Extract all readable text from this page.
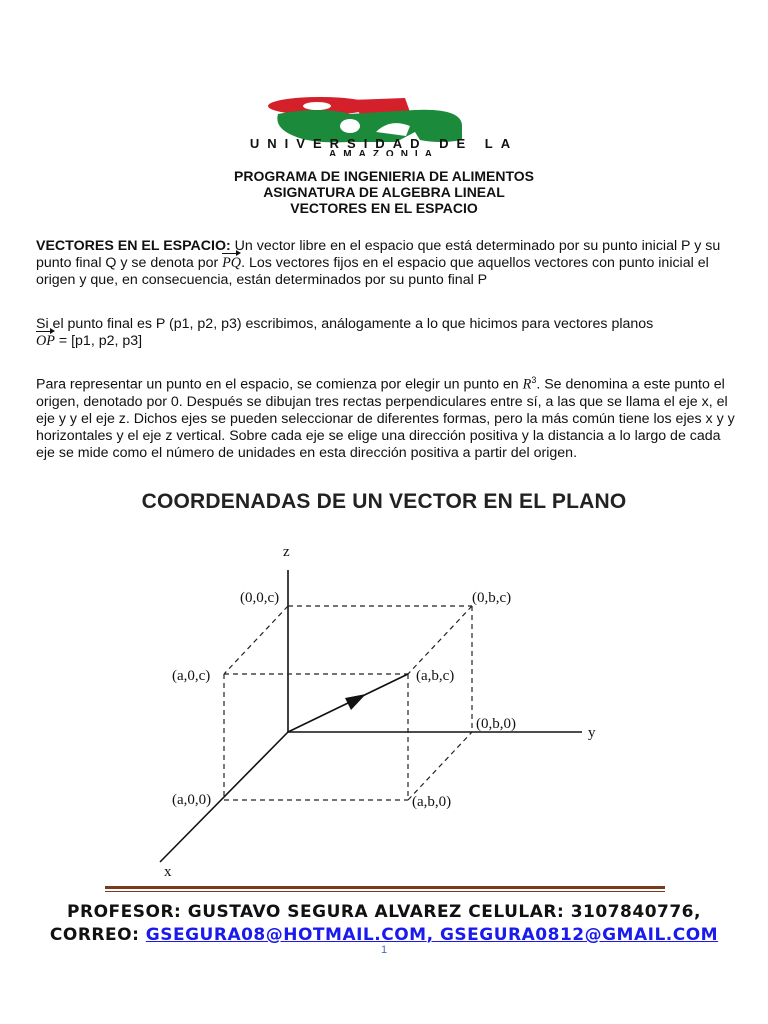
UNIVERSIDAD DE LA
AMAZONIA
PROGRAMA DE INGENIERIA DE ALIMENTOS
ASIGNATURA DE ALGEBRA LINEAL
VECTORES EN EL ESPACIO

VECTORES EN EL ESPACIO: Un vector libre en el espacio que está determinado por su punto inicial P y su punto final Q y se denota por PQ. Los vectores fijos en el espacio que aquellos vectores con punto inicial el origen y que, en consecuencia, están determinados por su punto final P

Si el punto final es P (p1, p2, p3) escribimos, análogamente a lo que hicimos para vectores planos
OP = [p1, p2, p3]

Para representar un punto en el espacio, se comienza por elegir un punto en $R^3$. Se denomina a este punto el origen, denotado por 0. Después se dibujan tres rectas perpendiculares entre sí, a las que se llama el eje x, el eje y y el eje z. Dichos ejes se pueden seleccionar de diferentes formas, pero la más común tiene los ejes x y y horizontales y el eje z vertical. Sobre cada eje se elige una dirección positiva y la distancia a lo largo de cada eje se mide como el número de unidades en esta dirección positiva a partir del origen.

COORDENADAS DE UN VECTOR EN EL PLANO
z
y
x
(0,0,c)	(0,b,c)
(a,0,c)	(a,b,c)
(0,b,0)
(a,0,0)	(a,b,0)
PROFESOR: GUSTAVO SEGURA ALVAREZ CELULAR: 3107840776,
CORREO: GSEGURA08@HOTMAIL.COM, GSEGURA0812@GMAIL.COM
1
